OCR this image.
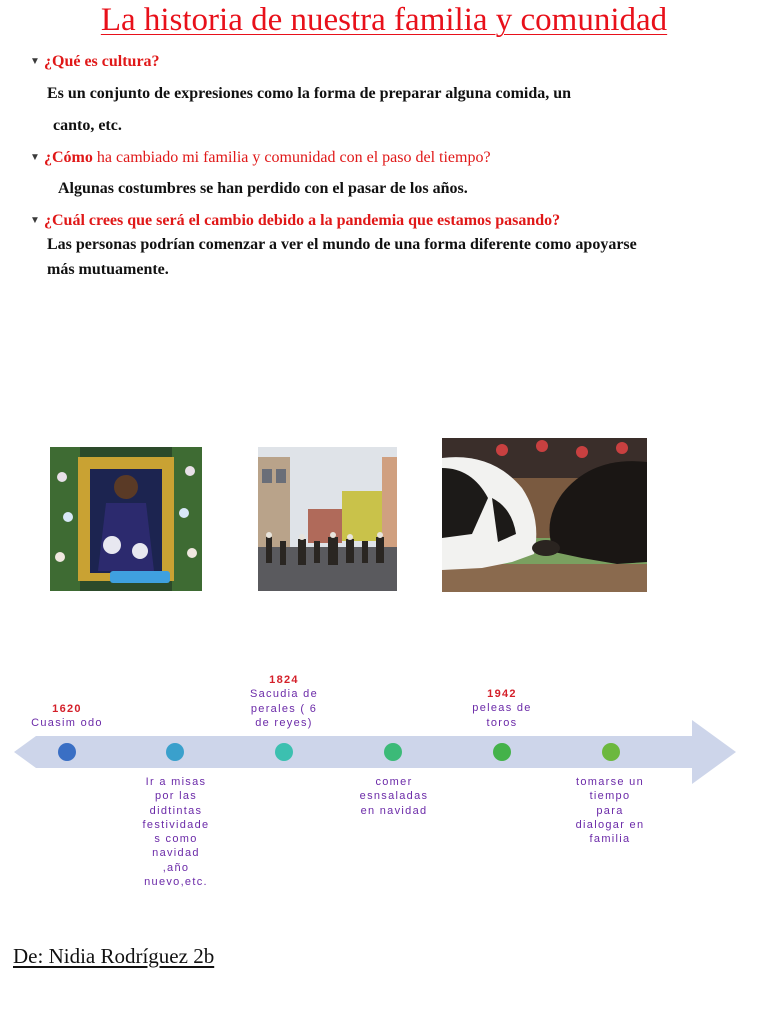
La historia de nuestra familia y comunidad
▼ ¿Qué es cultura?
Es un conjunto de expresiones como la forma de preparar alguna comida, un
canto, etc.
▼ ¿Cómo ha cambiado mi familia y comunidad con el paso del tiempo?
Algunas costumbres se han perdido con el pasar de los años.
▼ ¿Cuál crees que será el cambio debido a la pandemia que estamos pasando?
Las personas podrían comenzar a ver el mundo de una forma diferente como apoyarse
más mutuamente.
1620
Cuasim odo
1824
Sacudia de
perales ( 6
de reyes)
1942
peleas de
toros
Ir a misas
por las
didtintas
festividade
s como
navidad
,año
nuevo,etc.
comer
esnsaladas
en navidad
tomarse un
tiempo
para
dialogar en
familia
De: Nidia Rodríguez 2b
